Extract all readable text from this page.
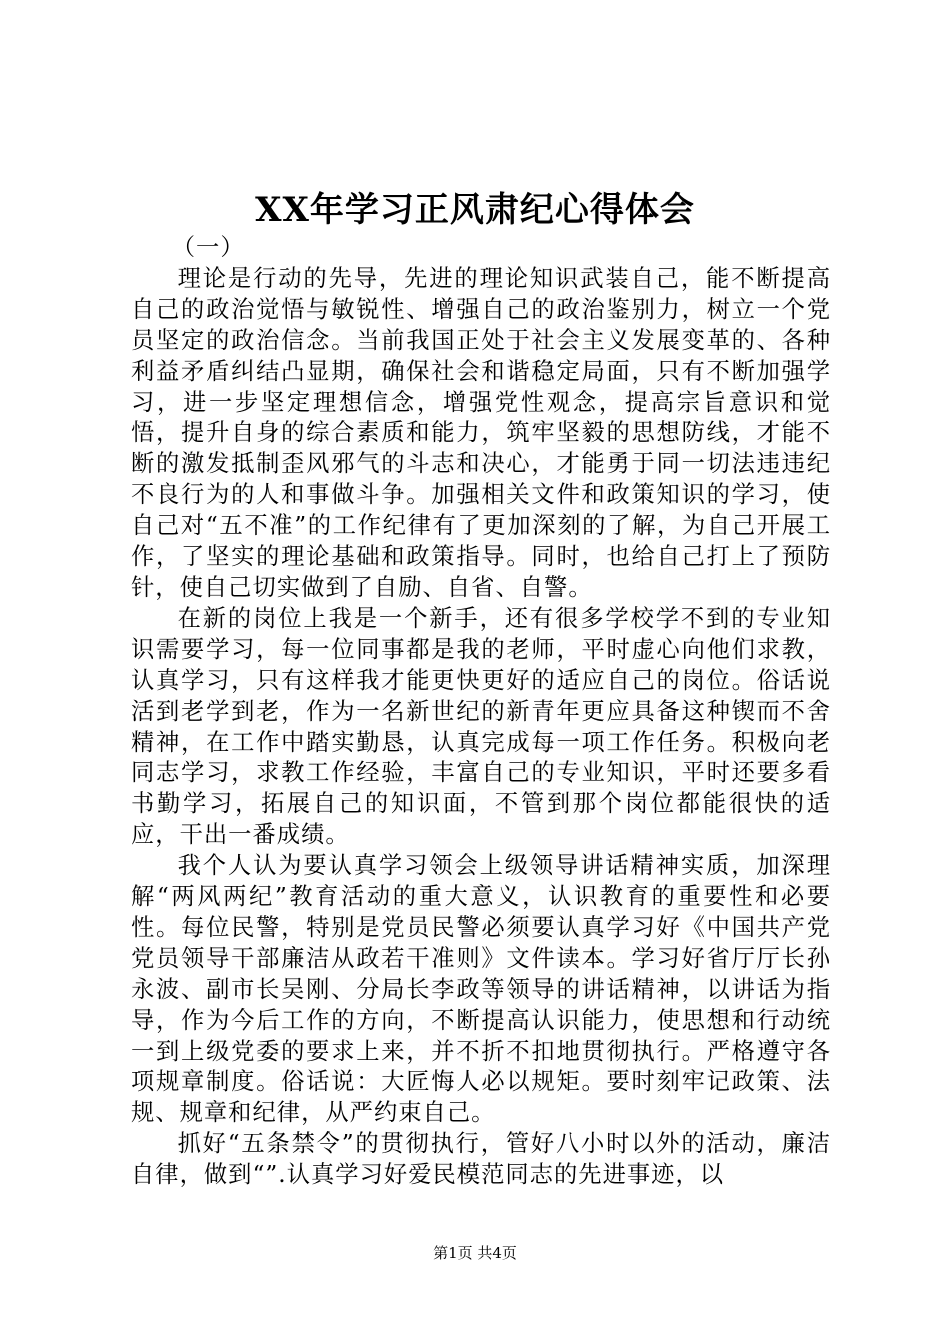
XX年学习正风肃纪心得体会

（一）

理论是行动的先导，先进的理论知识武装自己，能不断提高自己的政治觉悟与敏锐性、增强自己的政治鉴别力，树立一个党员坚定的政治信念。当前我国正处于社会主义发展变革的、各种利益矛盾纠结凸显期，确保社会和谐稳定局面，只有不断加强学习，进一步坚定理想信念，增强党性观念，提高宗旨意识和觉悟，提升自身的综合素质和能力，筑牢坚毅的思想防线，才能不断的激发抵制歪风邪气的斗志和决心，才能勇于同一切法违违纪不良行为的人和事做斗争。加强相关文件和政策知识的学习，使自己对“五不准”的工作纪律有了更加深刻的了解，为自己开展工作，了坚实的理论基础和政策指导。同时，也给自己打上了预防针，使自己切实做到了自励、自省、自警。

在新的岗位上我是一个新手，还有很多学校学不到的专业知识需要学习，每一位同事都是我的老师，平时虚心向他们求教，认真学习，只有这样我才能更快更好的适应自己的岗位。俗话说活到老学到老，作为一名新世纪的新青年更应具备这种锲而不舍精神，在工作中踏实勤恳，认真完成每一项工作任务。积极向老同志学习，求教工作经验，丰富自己的专业知识，平时还要多看书勤学习，拓展自己的知识面，不管到那个岗位都能很快的适应，干出一番成绩。

我个人认为要认真学习领会上级领导讲话精神实质，加深理解“两风两纪”教育活动的重大意义，认识教育的重要性和必要性。每位民警，特别是党员民警必须要认真学习好《中国共产党党员领导干部廉洁从政若干准则》文件读本。学习好省厅厅长孙永波、副市长吴刚、分局长李政等领导的讲话精神，以讲话为指导，作为今后工作的方向，不断提高认识能力，使思想和行动统一到上级党委的要求上来，并不折不扣地贯彻执行。严格遵守各项规章制度。俗话说：大匠悔人必以规矩。要时刻牢记政策、法规、规章和纪律，从严约束自己。

抓好“五条禁令”的贯彻执行，管好八小时以外的活动，廉洁自律，做到“”.认真学习好爱民模范同志的先进事迹，以

第1页 共4页
